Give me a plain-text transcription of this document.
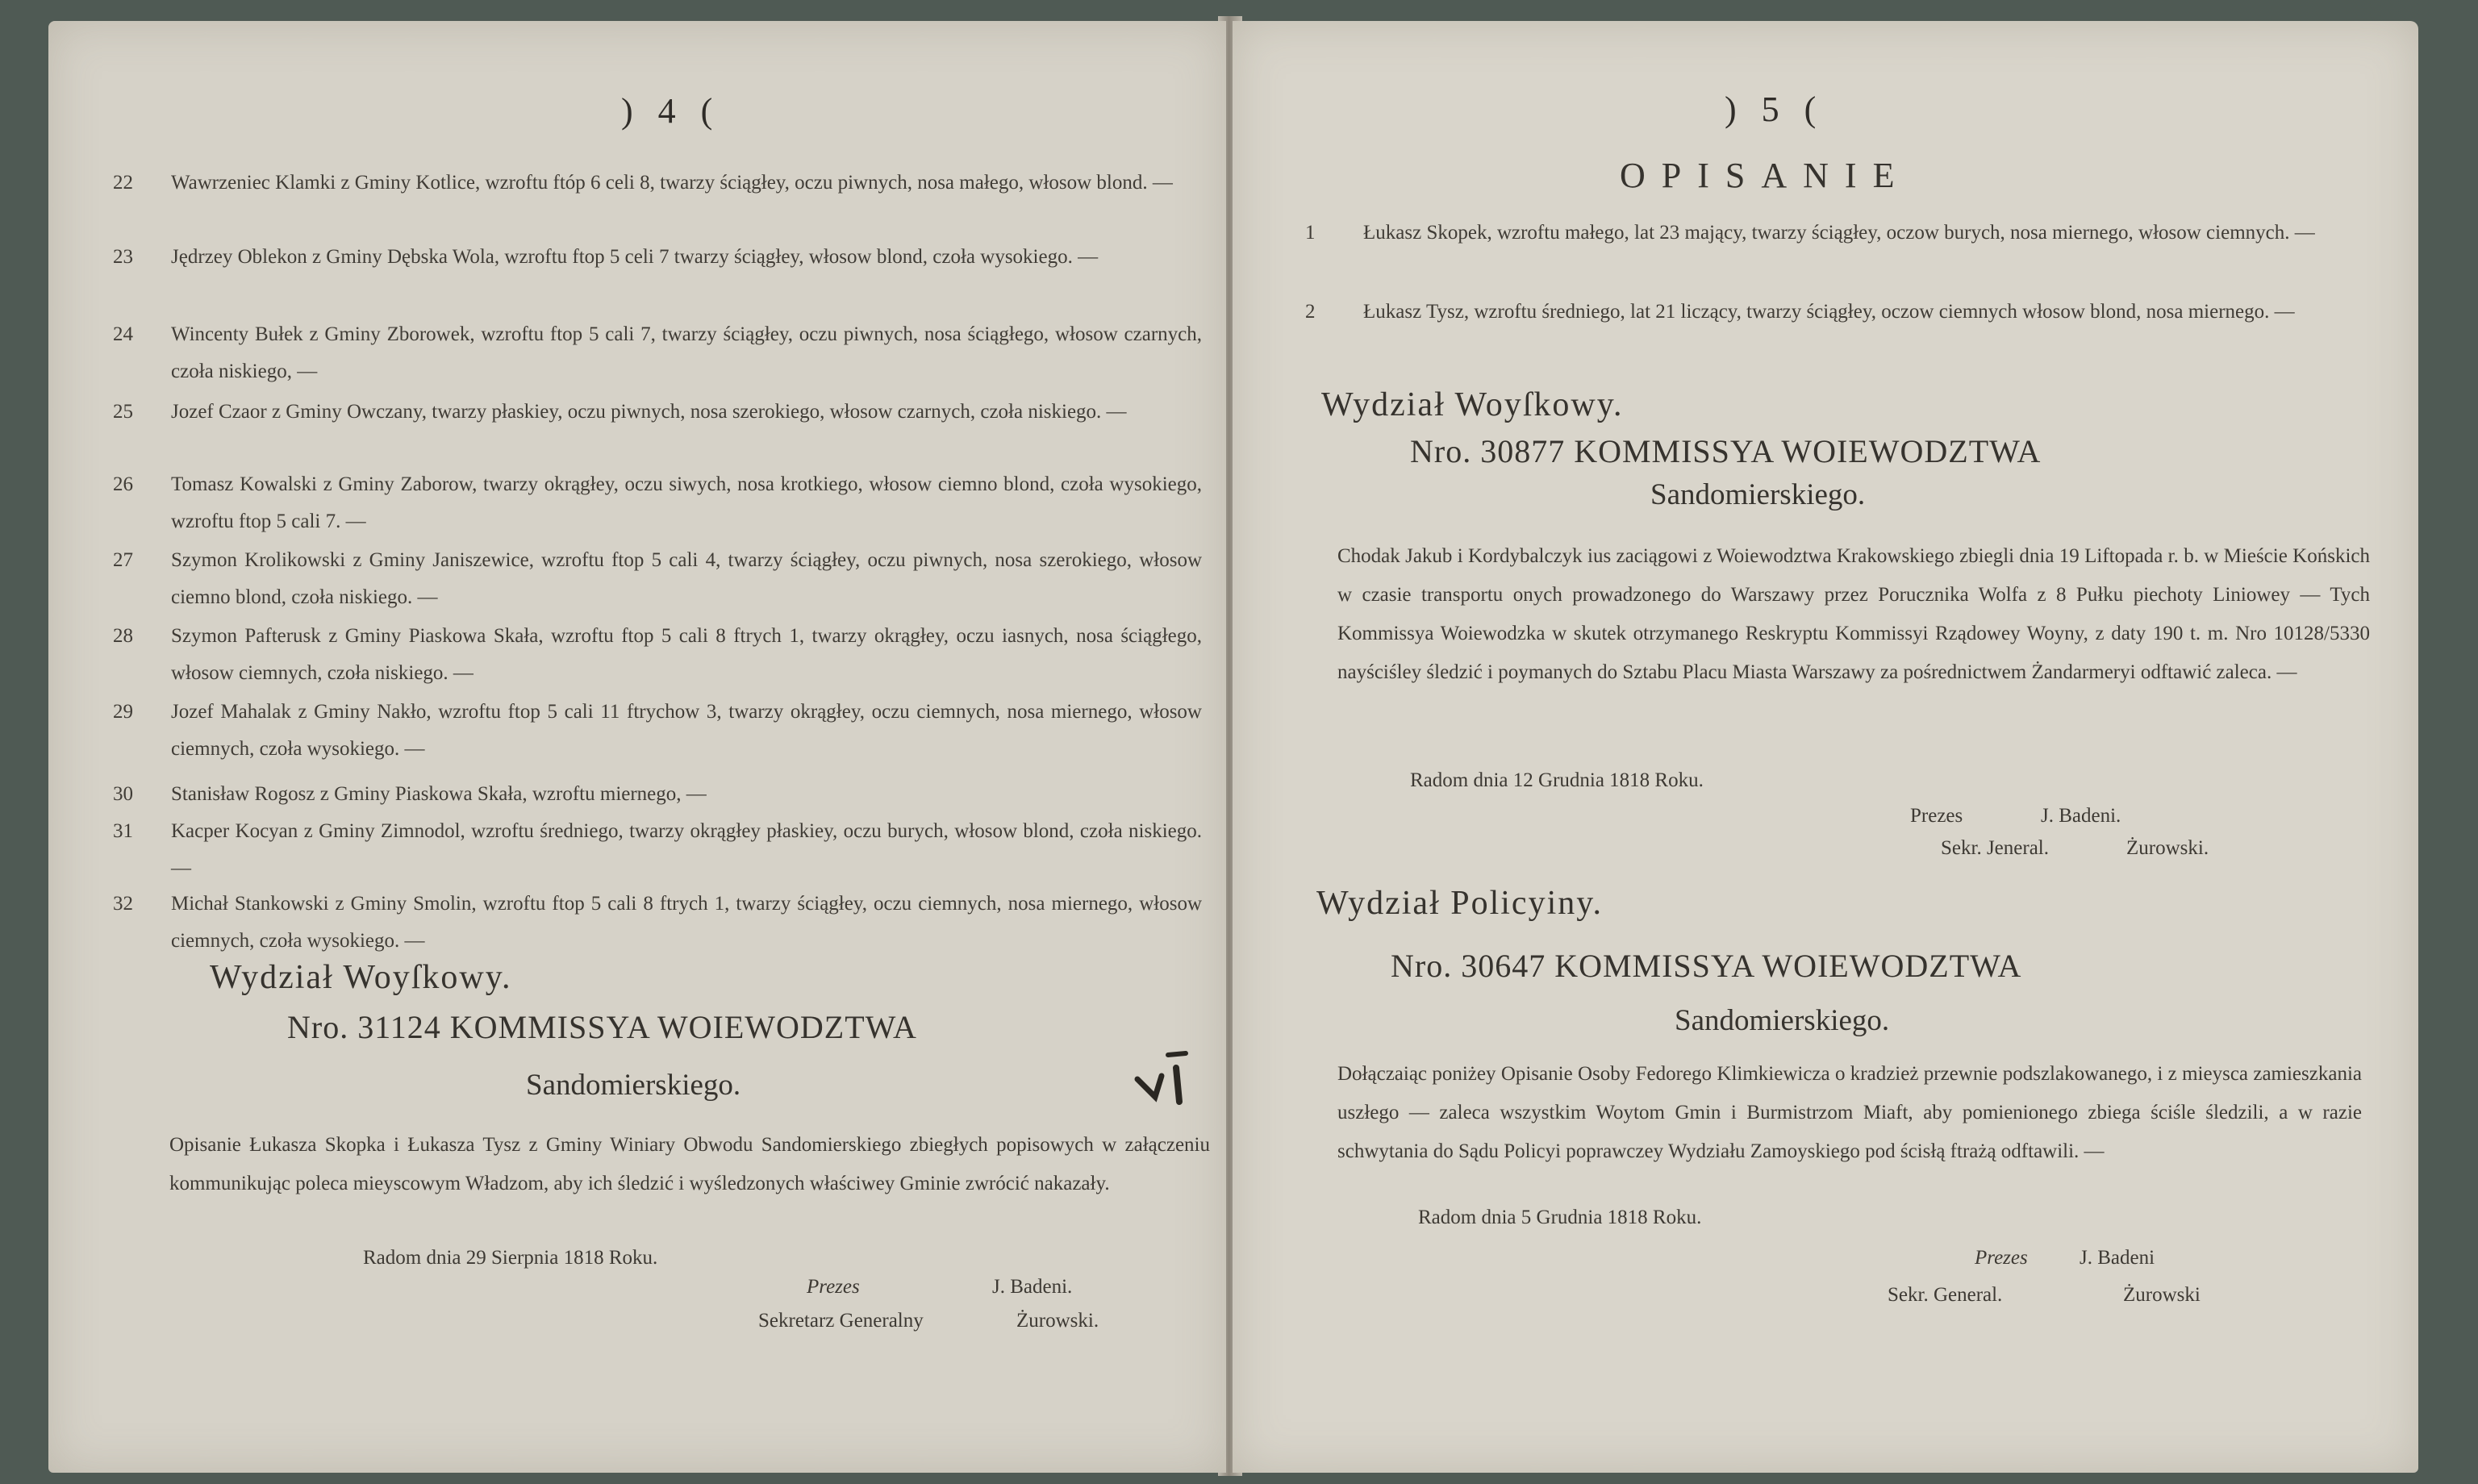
) 4 (
22	Wawrzeniec Klamki z Gminy Kotlice, wzroftu ftóp 6 celi 8, twarzy ściągłey, oczu piwnych, nosa małego, włosow blond. —
23	Jędrzey Oblekon z Gminy Dębska Wola, wzroftu ftop 5 celi 7 twarzy ściągłey, włosow blond, czoła wysokiego. —
24	Wincenty Bułek z Gminy Zborowek, wzroftu ftop 5 cali 7, twarzy ściągłey, oczu piwnych, nosa ściągłego, włosow czarnych, czoła niskiego, —
25	Jozef Czaor z Gminy Owczany, twarzy płaskiey, oczu piwnych, nosa szerokiego, włosow czarnych, czoła niskiego. —
26	Tomasz Kowalski z Gminy Zaborow, twarzy okrągłey, oczu siwych, nosa krotkiego, włosow ciemno blond, czoła wysokiego, wzroftu ftop 5 cali 7. —
27	Szymon Krolikowski z Gminy Janiszewice, wzroftu ftop 5 cali 4, twarzy ściągłey, oczu piwnych, nosa szerokiego, włosow ciemno blond, czoła niskiego. —
28	Szymon Pafterusk z Gminy Piaskowa Skała, wzroftu ftop 5 cali 8 ftrych 1, twarzy okrągłey, oczu iasnych, nosa ściągłego, włosow ciemnych, czoła niskiego. —
29	Jozef Mahalak z Gminy Nakło, wzroftu ftop 5 cali 11 ftrychow 3, twarzy okrągłey, oczu ciemnych, nosa miernego, włosow ciemnych, czoła wysokiego. —
30	Stanisław Rogosz z Gminy Piaskowa Skała, wzroftu miernego, —
31	Kacper Kocyan z Gminy Zimnodol, wzroftu średniego, twarzy okrągłey płaskiey, oczu burych, włosow blond, czoła niskiego. —
32	Michał Stankowski z Gminy Smolin, wzroftu ftop 5 cali 8 ftrych 1, twarzy ściągłey, oczu ciemnych, nosa miernego, włosow ciemnych, czoła wysokiego. —
Wydział Woyſkowy.
Nro. 31124 KOMMISSYA WOIEWODZTWA
Sandomierskiego.
Opisanie Łukasza Skopka i Łukasza Tysz z Gminy Winiary Obwodu Sandomierskiego zbiegłych popisowych w załączeniu kommunikując poleca mieyscowym Władzom, aby ich śledzić i wyśledzonych właściwey Gminie zwrócić nakazały.
Radom dnia 29 Sierpnia 1818 Roku.
Prezes	J. Badeni.
Sekretarz Generalny	Żurowski.
) 5 (
OPISANIE
1	Łukasz Skopek, wzroftu małego, lat 23 mający, twarzy ściągłey, oczow burych, nosa miernego, włosow ciemnych. —
2	Łukasz Tysz, wzroftu średniego, lat 21 liczący, twarzy ściągłey, oczow ciemnych włosow blond, nosa miernego. —
Wydział Woyſkowy.
Nro. 30877 KOMMISSYA WOIEWODZTWA
Sandomierskiego.
Chodak Jakub i Kordybalczyk ius zaciągowi z Woiewodztwa Krakowskiego zbiegli dnia 19 Liftopada r. b. w Mieście Końskich w czasie transportu onych prowadzonego do Warszawy przez Porucznika Wolfa z 8 Pułku piechoty Liniowey — Tych Kommissya Woiewodzka w skutek otrzymanego Reskryptu Kommissyi Rządowey Woyny, z daty 190 t. m. Nro 10128/5330 nayściśley śledzić i poymanych do Sztabu Placu Miasta Warszawy za pośrednictwem Żandarmeryi odftawić zaleca. —
Radom dnia 12 Grudnia 1818 Roku.
Prezes	J. Badeni.
Sekr. Jeneral.	Żurowski.
Wydział Policyiny.
Nro. 30647 KOMMISSYA WOIEWODZTWA
Sandomierskiego.
Dołączaiąc poniżey Opisanie Osoby Fedorego Klimkiewicza o kradzież przewnie podszlakowanego, i z mieysca zamieszkania uszłego — zaleca wszystkim Woytom Gmin i Burmistrzom Miaft, aby pomienionego zbiega ściśle śledzili, a w razie schwytania do Sądu Policyi poprawczey Wydziału Zamoyskiego pod ścisłą ftrażą odftawili. —
Radom dnia 5 Grudnia 1818 Roku.
Prezes	J. Badeni
Sekr. General.	Żurowski
